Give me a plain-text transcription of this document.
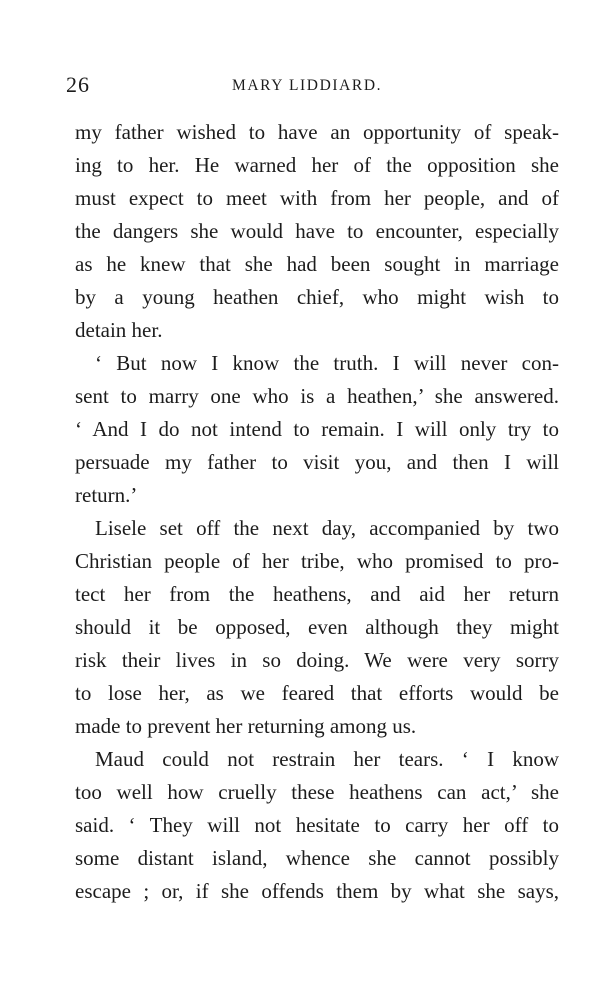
26	MARY LIDDIARD.
my father wished to have an opportunity of speak-
ing to her. He warned her of the opposition she
must expect to meet with from her people, and of
the dangers she would have to encounter, especially
as he knew that she had been sought in marriage
by a young heathen chief, who might wish to
detain her.
‘ But now I know the truth. I will never con-
sent to marry one who is a heathen,’ she answered.
‘ And I do not intend to remain. I will only try to
persuade my father to visit you, and then I will
return.’
Lisele set off the next day, accompanied by two
Christian people of her tribe, who promised to pro-
tect her from the heathens, and aid her return
should it be opposed, even although they might
risk their lives in so doing. We were very sorry
to lose her, as we feared that efforts would be
made to prevent her returning among us.
Maud could not restrain her tears. ‘ I know
too well how cruelly these heathens can act,’ she
said. ‘ They will not hesitate to carry her off to
some distant island, whence she cannot possibly
escape ; or, if she offends them by what she says,
